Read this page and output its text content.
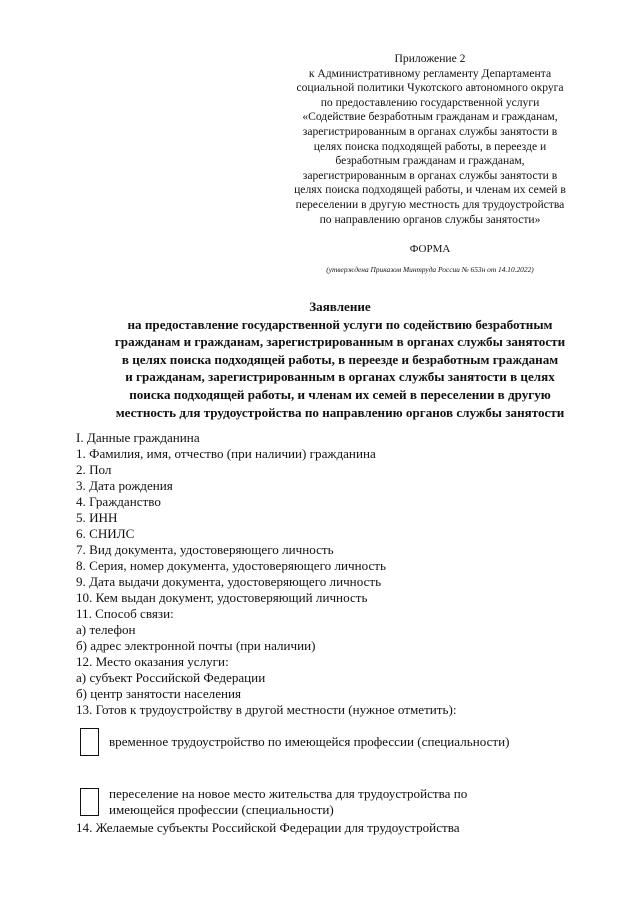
Приложение 2
к Административному регламенту Департамента
социальной политики Чукотского автономного округа
по предоставлению государственной услуги
«Содействие безработным гражданам и гражданам,
зарегистрированным в органах службы занятости в
целях поиска подходящей работы, в переезде и
безработным гражданам и гражданам,
зарегистрированным в органах службы занятости в
целях поиска подходящей работы, и членам их семей в
переселении в другую местность для трудоустройства
по направлению органов службы занятости»
ФОРМА
(утверждена Приказом Минтруда России № 653н от 14.10.2022)
Заявление
на предоставление государственной услуги по содействию безработным
гражданам и гражданам, зарегистрированным в органах службы занятости
в целях поиска подходящей работы, в переезде и безработным гражданам
и гражданам, зарегистрированным в органах службы занятости в целях
поиска подходящей работы, и членам их семей в переселении в другую
местность для трудоустройства по направлению органов службы занятости
I. Данные гражданина
1. Фамилия, имя, отчество (при наличии) гражданина
2. Пол
3. Дата рождения
4. Гражданство
5. ИНН
6. СНИЛС
7. Вид документа, удостоверяющего личность
8. Серия, номер документа, удостоверяющего личность
9. Дата выдачи документа, удостоверяющего личность
10. Кем выдан документ, удостоверяющий личность
11. Способ связи:
а) телефон
б) адрес электронной почты (при наличии)
12. Место оказания услуги:
а) субъект Российской Федерации
б) центр занятости населения
13. Готов к трудоустройству в другой местности (нужное отметить):
временное трудоустройство по имеющейся профессии (специальности)
переселение на новое место жительства для трудоустройства по
имеющейся профессии (специальности)
14. Желаемые субъекты Российской Федерации для трудоустройства
